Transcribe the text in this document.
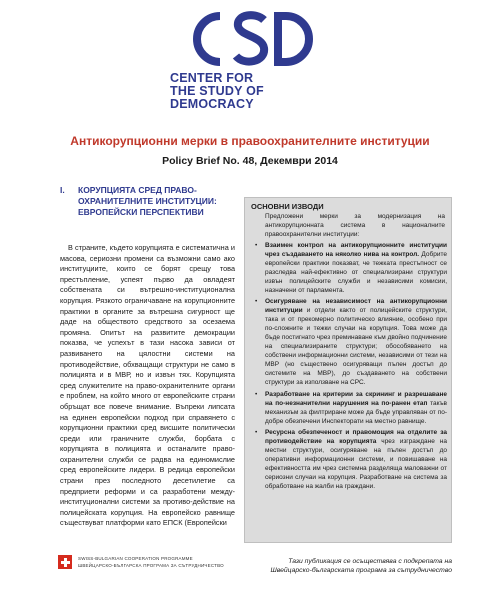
CENTER FOR
THE STUDY OF
DEMOCRACY
Антикорупционни мерки в правоохранителните институции
Policy Brief No. 48, Декември 2014
I. КОРУПЦИЯТА СРЕД ПРАВО-ОХРАНИТЕЛНИТЕ ИНСТИТУЦИИ: ЕВРОПЕЙСКИ ПЕРСПЕКТИВИ

В страните, където корупцията е систематична и масова, сериозни промени са възможни само ако институциите, които се борят срещу това престъпление, успеят първо да овладеят собствената си вътрешно-институционална корупция. Рязкото ограничаване на корупционните практики в органите за вътрешна сигурност ще даде на обществото средството за осезаема промяна. Опитът на развитите демокрации показва, че успехът в тази насока зависи от развиването на цялостни системи на противодействие, обхващащи структури не само в полицията и в МВР, но и извън тях. Корупцията сред служителите на право-охранителните органи е проблем, на който много от европейските страни обръщат все повече внимание. Въпреки липсата на единен европейски подход при справянето с корупционни практики сред висшите политически среди или граничните служби, борбата с корупцията в полицията и останалите право-охранителни служби се радва на единомислие сред европейските лидери. В редица европейски страни през последното десетилетие са предприети реформи и са разработени между-институционални системи за противо-действие на полицейската корупция. На европейско равнище съществуват платформи като ЕПСК (Европейски

ОСНОВНИ ИЗВОДИ
Предложени мерки за модернизация на антикорупционната система в националните правоохранителни институции:
• Взаимен контрол на антикорупционните институции чрез създаването на няколко нива на контрол. Добрите европейски практики показват, че тежката престъпност се разследва най-ефективно от специализирани структури извън полицейските служби и независими комисии, назначени от парламента.
• Осигуряване на независимост на антикорупционни институции и отдели както от полицейските структури, така и от прекомерно политическо влияние, особено при по-сложните и тежки случаи на корупция. Това може да бъде постигнато чрез преминаване към двойно подчинение на специализираните структури; обособяването на собствени информационни системи, независими от тези на МВР (но съществено осигуряващи пълен достъп до системите на МВР), до създаването на собствени структури за използване на СРС.
• Разработване на критерии за скрининг и разрешаване на по-незначителни нарушения на по-ранен етап такъв механизъм за филтриране може да бъде управляван от по-добре обезпечени Инспекторати на местно равнище.
• Ресурсна обезпеченост и правомощия на отделите за противодействие на корупцията чрез изграждане на местни структури, осигуряване на пълен достъп до оперативни информационни системи, и повишаване на ефективността им чрез системна разделяща маловажни от сериозни случаи на корупция. Разработване на система за обработване на жалби на граждани.
SWISS-BULGARIAN COOPERATION PROGRAMME
ШВЕЙЦАРСКО-БЪЛГАРСКА ПРОГРАМА ЗА СЪТРУДНИЧЕСТВО
Тази публикация се осъществява с подкрепата на Швейцарско-българската програма за сътрудничество
